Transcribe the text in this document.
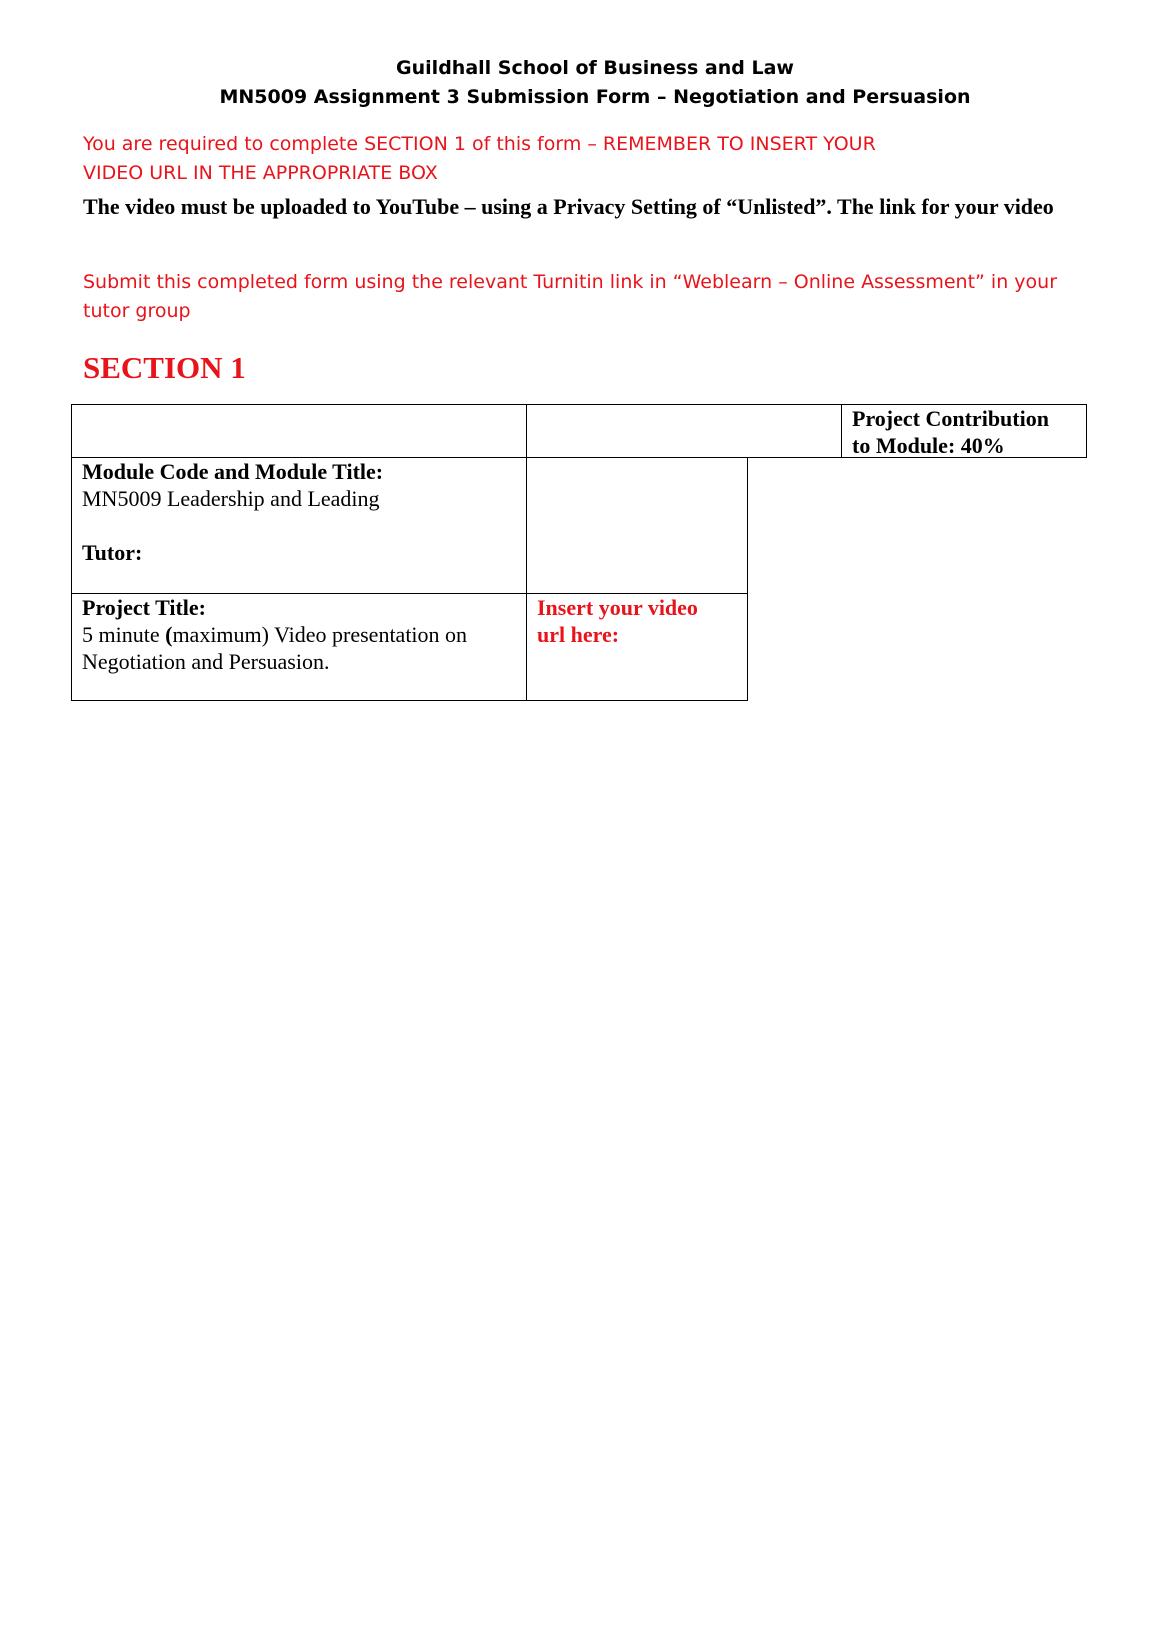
Guildhall School of Business and Law
MN5009 Assignment 3 Submission Form – Negotiation and Persuasion
You are required to complete SECTION 1 of this form – REMEMBER TO INSERT YOUR
VIDEO URL IN THE APPROPRIATE BOX
The video must be uploaded to YouTube – using a Privacy Setting of “Unlisted”. The link for your video
Submit this completed form using the relevant Turnitin link in “Weblearn – Online Assessment” in your tutor group
SECTION 1
Project Contribution
to Module: 40%
Module Code and Module Title:
MN5009 Leadership and Leading
Tutor:
Project Title:
5 minute (maximum) Video presentation on
Negotiation and Persuasion.
Insert your video
url here:
